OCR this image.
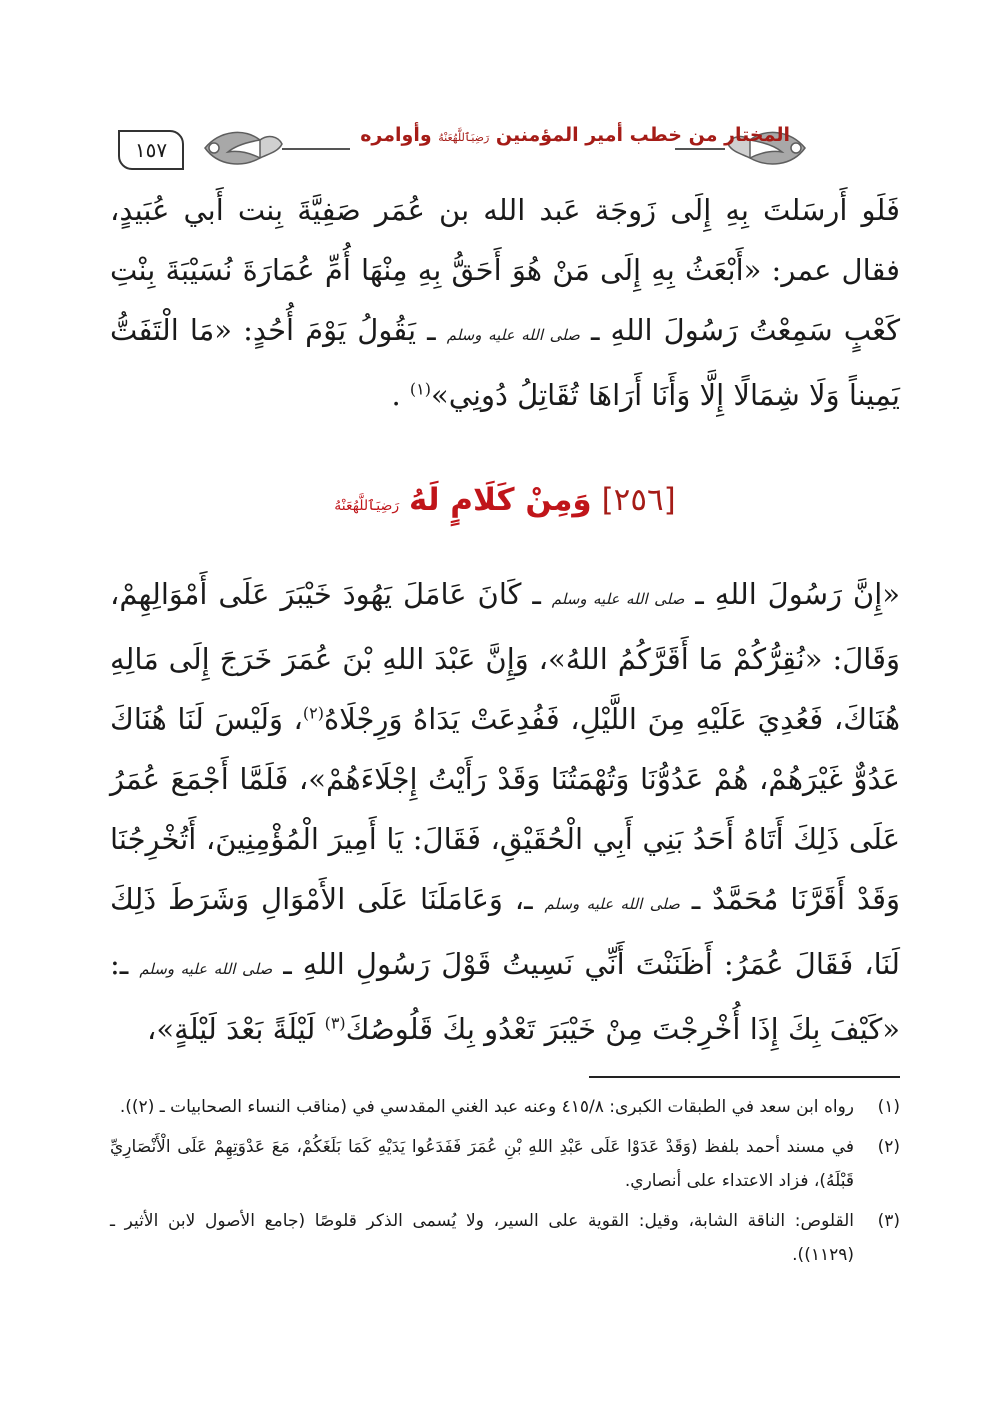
المختار من خطب أمير المؤمنين رَضِيَٱللَّهُعَنْهُ وأوامره
١٥٧
فَلَو أَرسَلتَ بِهِ إِلَى زَوجَة عَبد الله بن عُمَر صَفِيَّةَ بِنت أَبي عُبَيدٍ، فقال عمر: «أَبْعَثُ بِهِ إِلَى مَنْ هُوَ أَحَقُّ بِهِ مِنْهَا أُمِّ عُمَارَةَ نُسَيْبَةَ بِنْتِ كَعْبٍ سَمِعْتُ رَسُولَ اللهِ ـ صلى الله عليه وسلم ـ يَقُولُ يَوْمَ أُحُدٍ: «مَا الْتَفَتُّ يَمِيناً وَلَا شِمَالًا إِلَّا وَأَنَا أَرَاهَا تُقَاتِلُ دُونِي»$^{(١)}$ .
[٢٥٦] وَمِنْ كَلَامٍ لَهُ رَضِيَٱللَّهُعَنْهُ
«إِنَّ رَسُولَ اللهِ ـ صلى الله عليه وسلم ـ كَانَ عَامَلَ يَهُودَ خَيْبَرَ عَلَى أَمْوَالِهِمْ، وَقَالَ: «نُقِرُّكُمْ مَا أَقَرَّكُمُ اللهُ»، وَإِنَّ عَبْدَ اللهِ بْنَ عُمَرَ خَرَجَ إِلَى مَالِهِ هُنَاكَ، فَعُدِيَ عَلَيْهِ مِنَ اللَّيْلِ، فَفُدِعَتْ يَدَاهُ وَرِجْلَاهُ$^{(٢)}$، وَلَيْسَ لَنَا هُنَاكَ عَدُوٌّ غَيْرَهُمْ، هُمْ عَدُوُّنَا وَتُهْمَتُنَا وَقَدْ رَأَيْتُ إِجْلَاءَهُمْ»، فَلَمَّا أَجْمَعَ عُمَرُ عَلَى ذَلِكَ أَتَاهُ أَحَدُ بَنِي أَبِي الْحُقَيْقِ، فَقَالَ: يَا أَمِيرَ الْمُؤْمِنِينَ، أَتُخْرِجُنَا وَقَدْ أَقَرَّنَا مُحَمَّدٌ ـ صلى الله عليه وسلم ـ، وَعَامَلَنَا عَلَى الأَمْوَالِ وَشَرَطَ ذَلِكَ لَنَا، فَقَالَ عُمَرُ: أَظَنَنْتَ أَنِّي نَسِيتُ قَوْلَ رَسُولِ اللهِ ـ صلى الله عليه وسلم ـ: «كَيْفَ بِكَ إِذَا أُخْرِجْتَ مِنْ خَيْبَرَ تَعْدُو بِكَ قَلُوصُكَ$^{(٣)}$ لَيْلَةً بَعْدَ لَيْلَةٍ»،

(١)
رواه ابن سعد في الطبقات الكبرى: ٤١٥/٨ وعنه عبد الغني المقدسي في (مناقب النساء الصحابيات ـ (٢)).

(٢)
في مسند أحمد بلفظ (وَقَدْ عَدَوْا عَلَى عَبْدِ اللهِ بْنِ عُمَرَ فَفَدَعُوا يَدَيْهِ كَمَا بَلَغَكُمْ، مَعَ عَدْوَتِهِمْ عَلَى الْأَنْصَارِيِّ قَبْلَهُ)، فزاد الاعتداء على أنصاري.

(٣)
القلوص: الناقة الشابة، وقيل: القوية على السير، ولا يُسمى الذكر قلوصًا (جامع الأصول لابن الأثير ـ (١١٢٩)).
